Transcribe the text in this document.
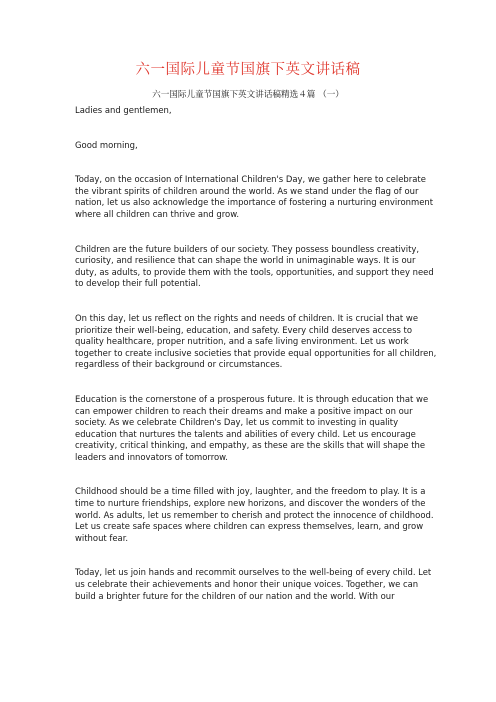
六一国际儿童节国旗下英文讲话稿
六一国际儿童节国旗下英文讲话稿精选４篇 （一）

Ladies and gentlemen,

Good morning,

Today, on the occasion of International Children's Day, we gather here to celebrate
the vibrant spirits of children around the world. As we stand under the flag of our
nation, let us also acknowledge the importance of fostering a nurturing environment
where all children can thrive and grow.

Children are the future builders of our society. They possess boundless creativity,
curiosity, and resilience that can shape the world in unimaginable ways. It is our
duty, as adults, to provide them with the tools, opportunities, and support they need
to develop their full potential.

On this day, let us reflect on the rights and needs of children. It is crucial that we
prioritize their well-being, education, and safety. Every child deserves access to
quality healthcare, proper nutrition, and a safe living environment. Let us work
together to create inclusive societies that provide equal opportunities for all children,
regardless of their background or circumstances.

Education is the cornerstone of a prosperous future. It is through education that we
can empower children to reach their dreams and make a positive impact on our
society. As we celebrate Children's Day, let us commit to investing in quality
education that nurtures the talents and abilities of every child. Let us encourage
creativity, critical thinking, and empathy, as these are the skills that will shape the
leaders and innovators of tomorrow.

Childhood should be a time filled with joy, laughter, and the freedom to play. It is a
time to nurture friendships, explore new horizons, and discover the wonders of the
world. As adults, let us remember to cherish and protect the innocence of childhood.
Let us create safe spaces where children can express themselves, learn, and grow
without fear.

Today, let us join hands and recommit ourselves to the well-being of every child. Let
us celebrate their achievements and honor their unique voices. Together, we can
build a brighter future for the children of our nation and the world. With our
